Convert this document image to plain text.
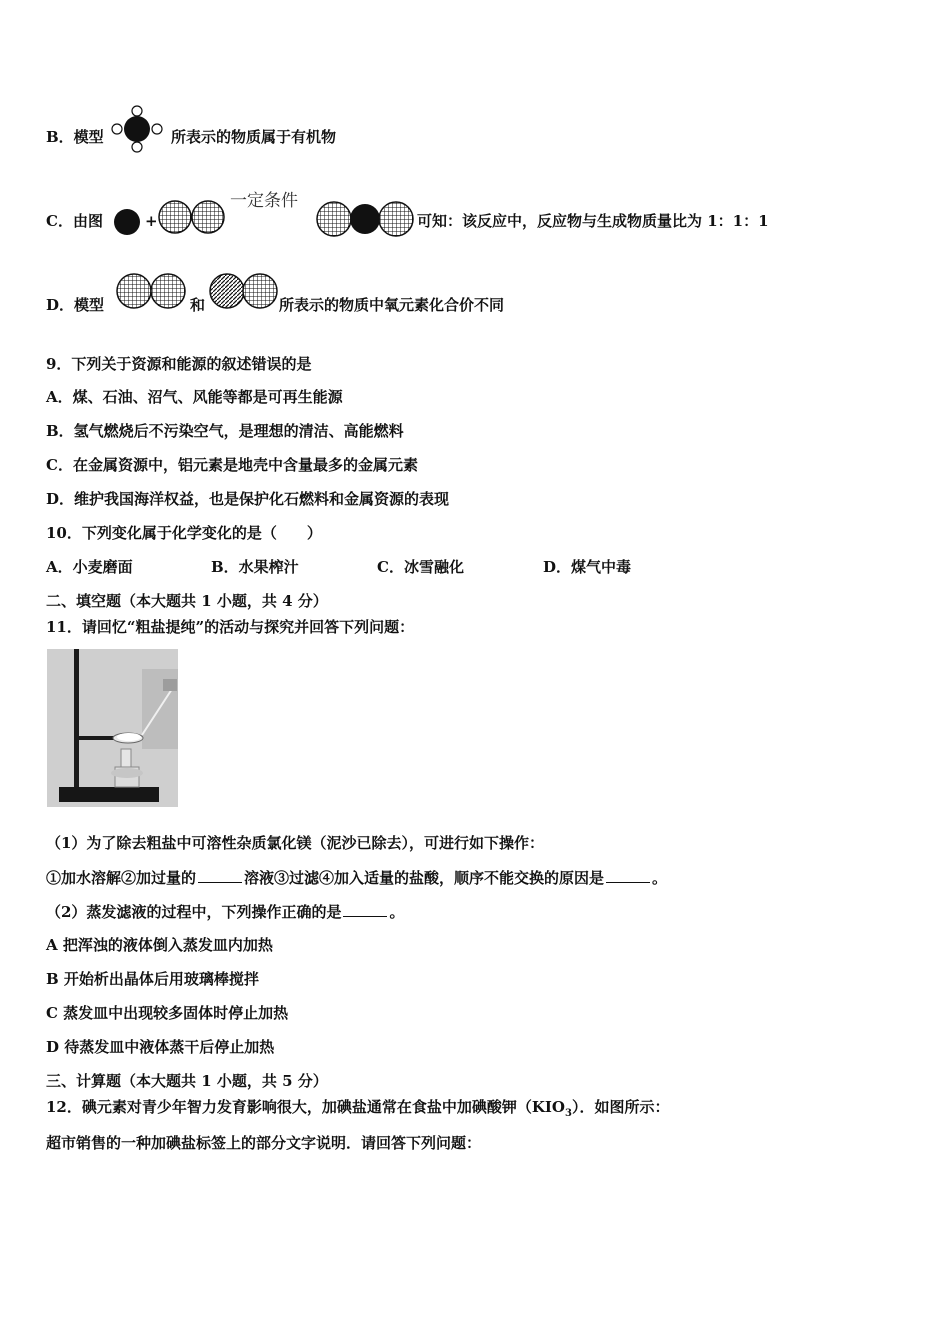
B．模型	所表示的物质属于有机物
C．由图	+
一定条件
可知：该反应中，反应物与生成物质量比为 1：1：1
D．模型	和	所表示的物质中氧元素化合价不同
9．下列关于资源和能源的叙述错误的是
A．煤、石油、沼气、风能等都是可再生能源
B．氢气燃烧后不污染空气，是理想的清洁、高能燃料
C．在金属资源中，铝元素是地壳中含量最多的金属元素
D．维护我国海洋权益，也是保护化石燃料和金属资源的表现
10．下列变化属于化学变化的是（　　）
A．小麦磨面	B．水果榨汁	C．冰雪融化	D．煤气中毒
二、填空题（本大题共 1 小题，共 4 分）
11．请回忆“粗盐提纯”的活动与探究并回答下列问题：
（1）为了除去粗盐中可溶性杂质氯化镁（泥沙已除去），可进行如下操作：
①加水溶解②加过量的	溶液③过滤④加入适量的盐酸，顺序不能交换的原因是	。
（2）蒸发滤液的过程中，下列操作正确的是	。
A 把浑浊的液体倒入蒸发皿内加热
B 开始析出晶体后用玻璃棒搅拌
C 蒸发皿中出现较多固体时停止加热
D 待蒸发皿中液体蒸干后停止加热
三、计算题（本大题共 1 小题，共 5 分）
12．碘元素对青少年智力发育影响很大，加碘盐通常在食盐中加碘酸钾$(KIO_3)$．如图所示：
超市销售的一种加碘盐标签上的部分文字说明．请回答下列问题：
